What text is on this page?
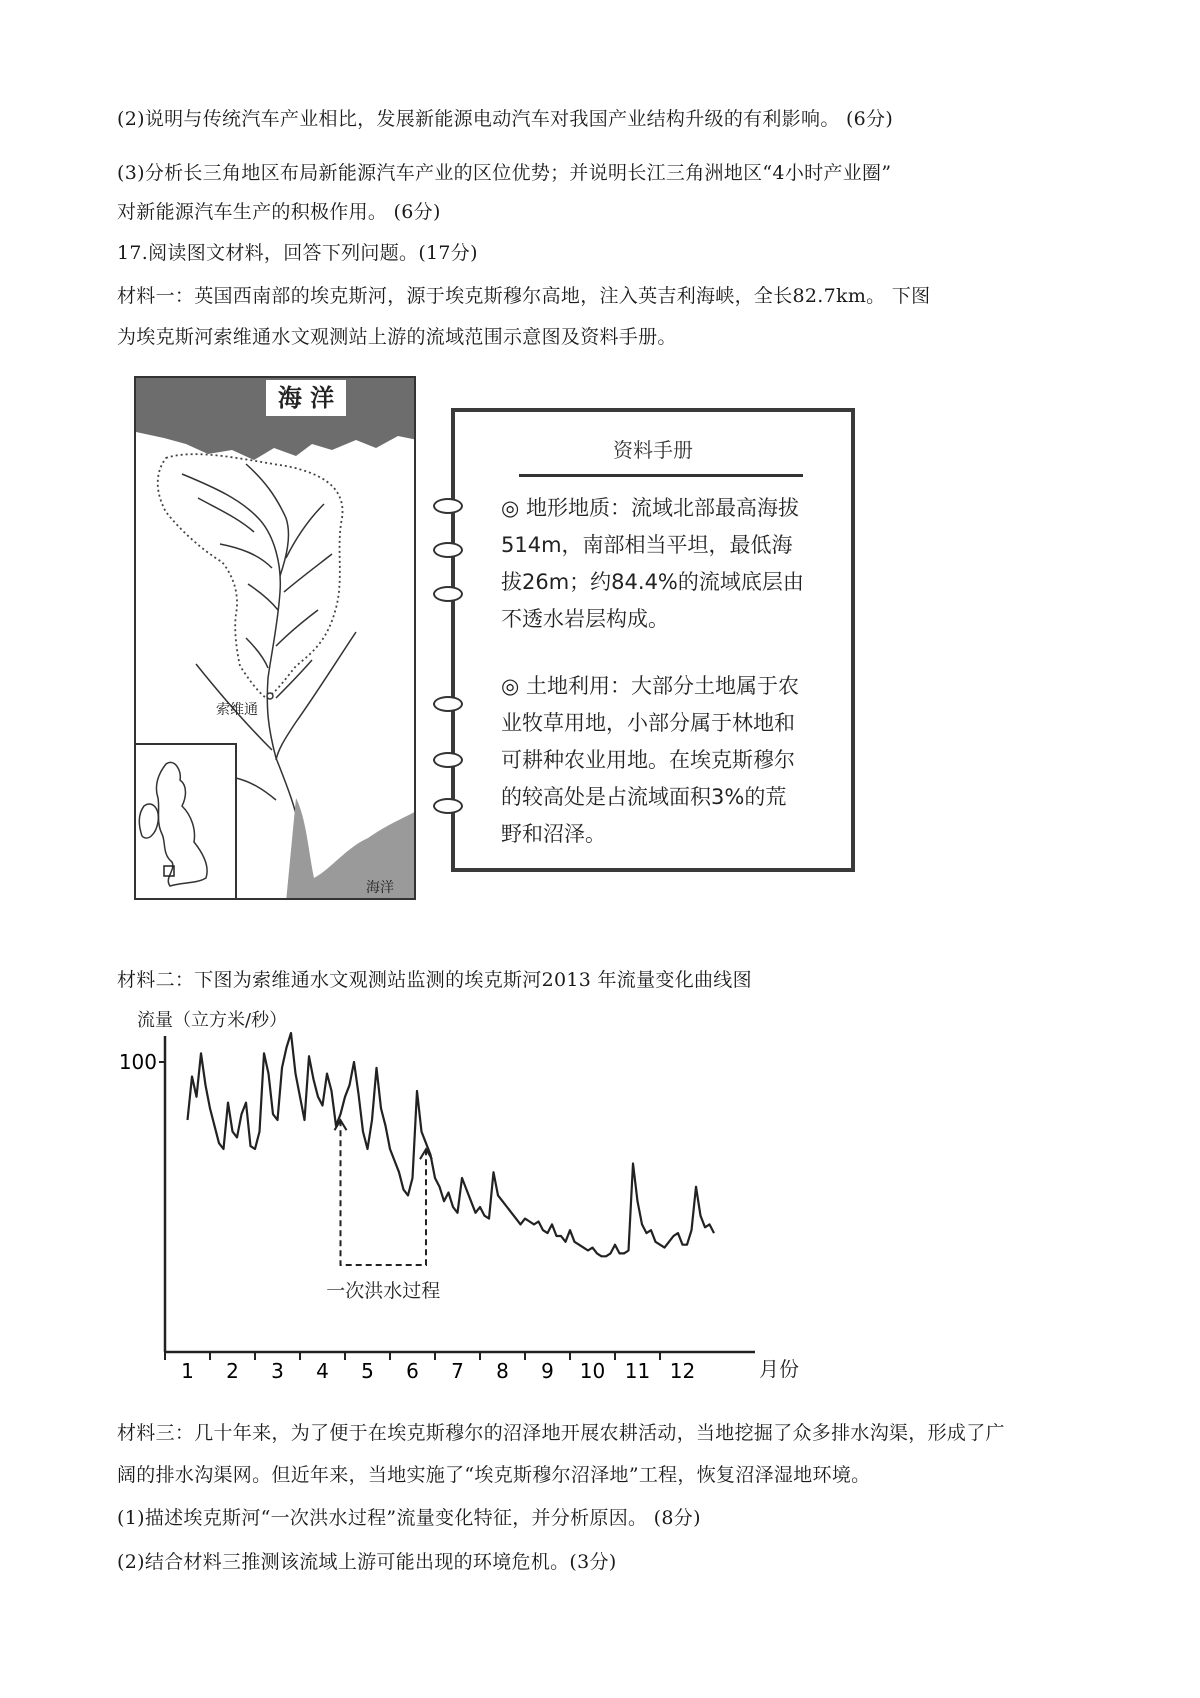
(2)说明与传统汽车产业相比，发展新能源电动汽车对我国产业结构升级的有利影响。 (6分)
(3)分析长三角地区布局新能源汽车产业的区位优势；并说明长江三角洲地区“4小时产业圈”
对新能源汽车生产的积极作用。 (6分)
17.阅读图文材料，回答下列问题。(17分)
材料一：英国西南部的埃克斯河，源于埃克斯穆尔高地，注入英吉利海峡，全长82.7km。 下图
为埃克斯河索维通水文观测站上游的流域范围示意图及资料手册。
海 洋
索维通
海洋
资料手册
◎ 地形地质：流域北部最高海拔
514m，南部相当平坦，最低海
拔26m；约84.4%的流域底层由
不透水岩层构成。
◎ 土地利用：大部分土地属于农
业牧草用地，小部分属于林地和
可耕种农业用地。在埃克斯穆尔
的较高处是占流域面积3%的荒
野和沼泽。
材料二：下图为索维通水文观测站监测的埃克斯河2013 年流量变化曲线图
流量（立方米/秒）
月份
100
1 2 3 4 5 6 7 8 9 10 11 12
一次洪水过程
材料三：几十年来，为了便于在埃克斯穆尔的沼泽地开展农耕活动，当地挖掘了众多排水沟渠，形成了广
阔的排水沟渠网。但近年来，当地实施了“埃克斯穆尔沼泽地”工程，恢复沼泽湿地环境。
(1)描述埃克斯河“一次洪水过程”流量变化特征，并分析原因。 (8分)
(2)结合材料三推测该流域上游可能出现的环境危机。(3分)
